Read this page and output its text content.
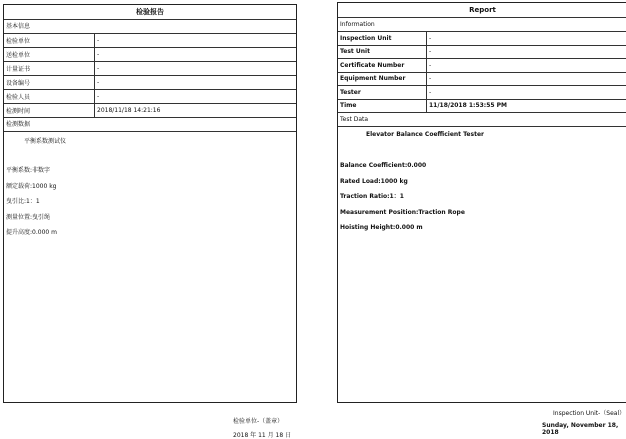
检验报告
基本信息
检验单位	-
送检单位	-
计量证书	-
设备编号	-
检验人员	-
检测时间	2018/11/18 14:21:16
检测数据
平衡系数测试仪
平衡系数:非数字
额定载荷:1000 kg
曳引比:1：1
测量位置:曳引绳
提升高度:0.000 m
检验单位-（盖章）
2018 年 11 月 18 日
Report
Information
Inspection Unit	-
Test Unit	-
Certificate Number	-
Equipment Number	-
Tester	-
Time	11/18/2018 1:53:55 PM
Test Data
Elevator Balance Coefficient Tester
Balance Coefficient:0.000
Rated Load:1000 kg
Traction Ratio:1：1
Measurement Position:Traction Rope
Hoisting Height:0.000 m
Inspection Unit-（Seal）
Sunday, November 18, 2018
